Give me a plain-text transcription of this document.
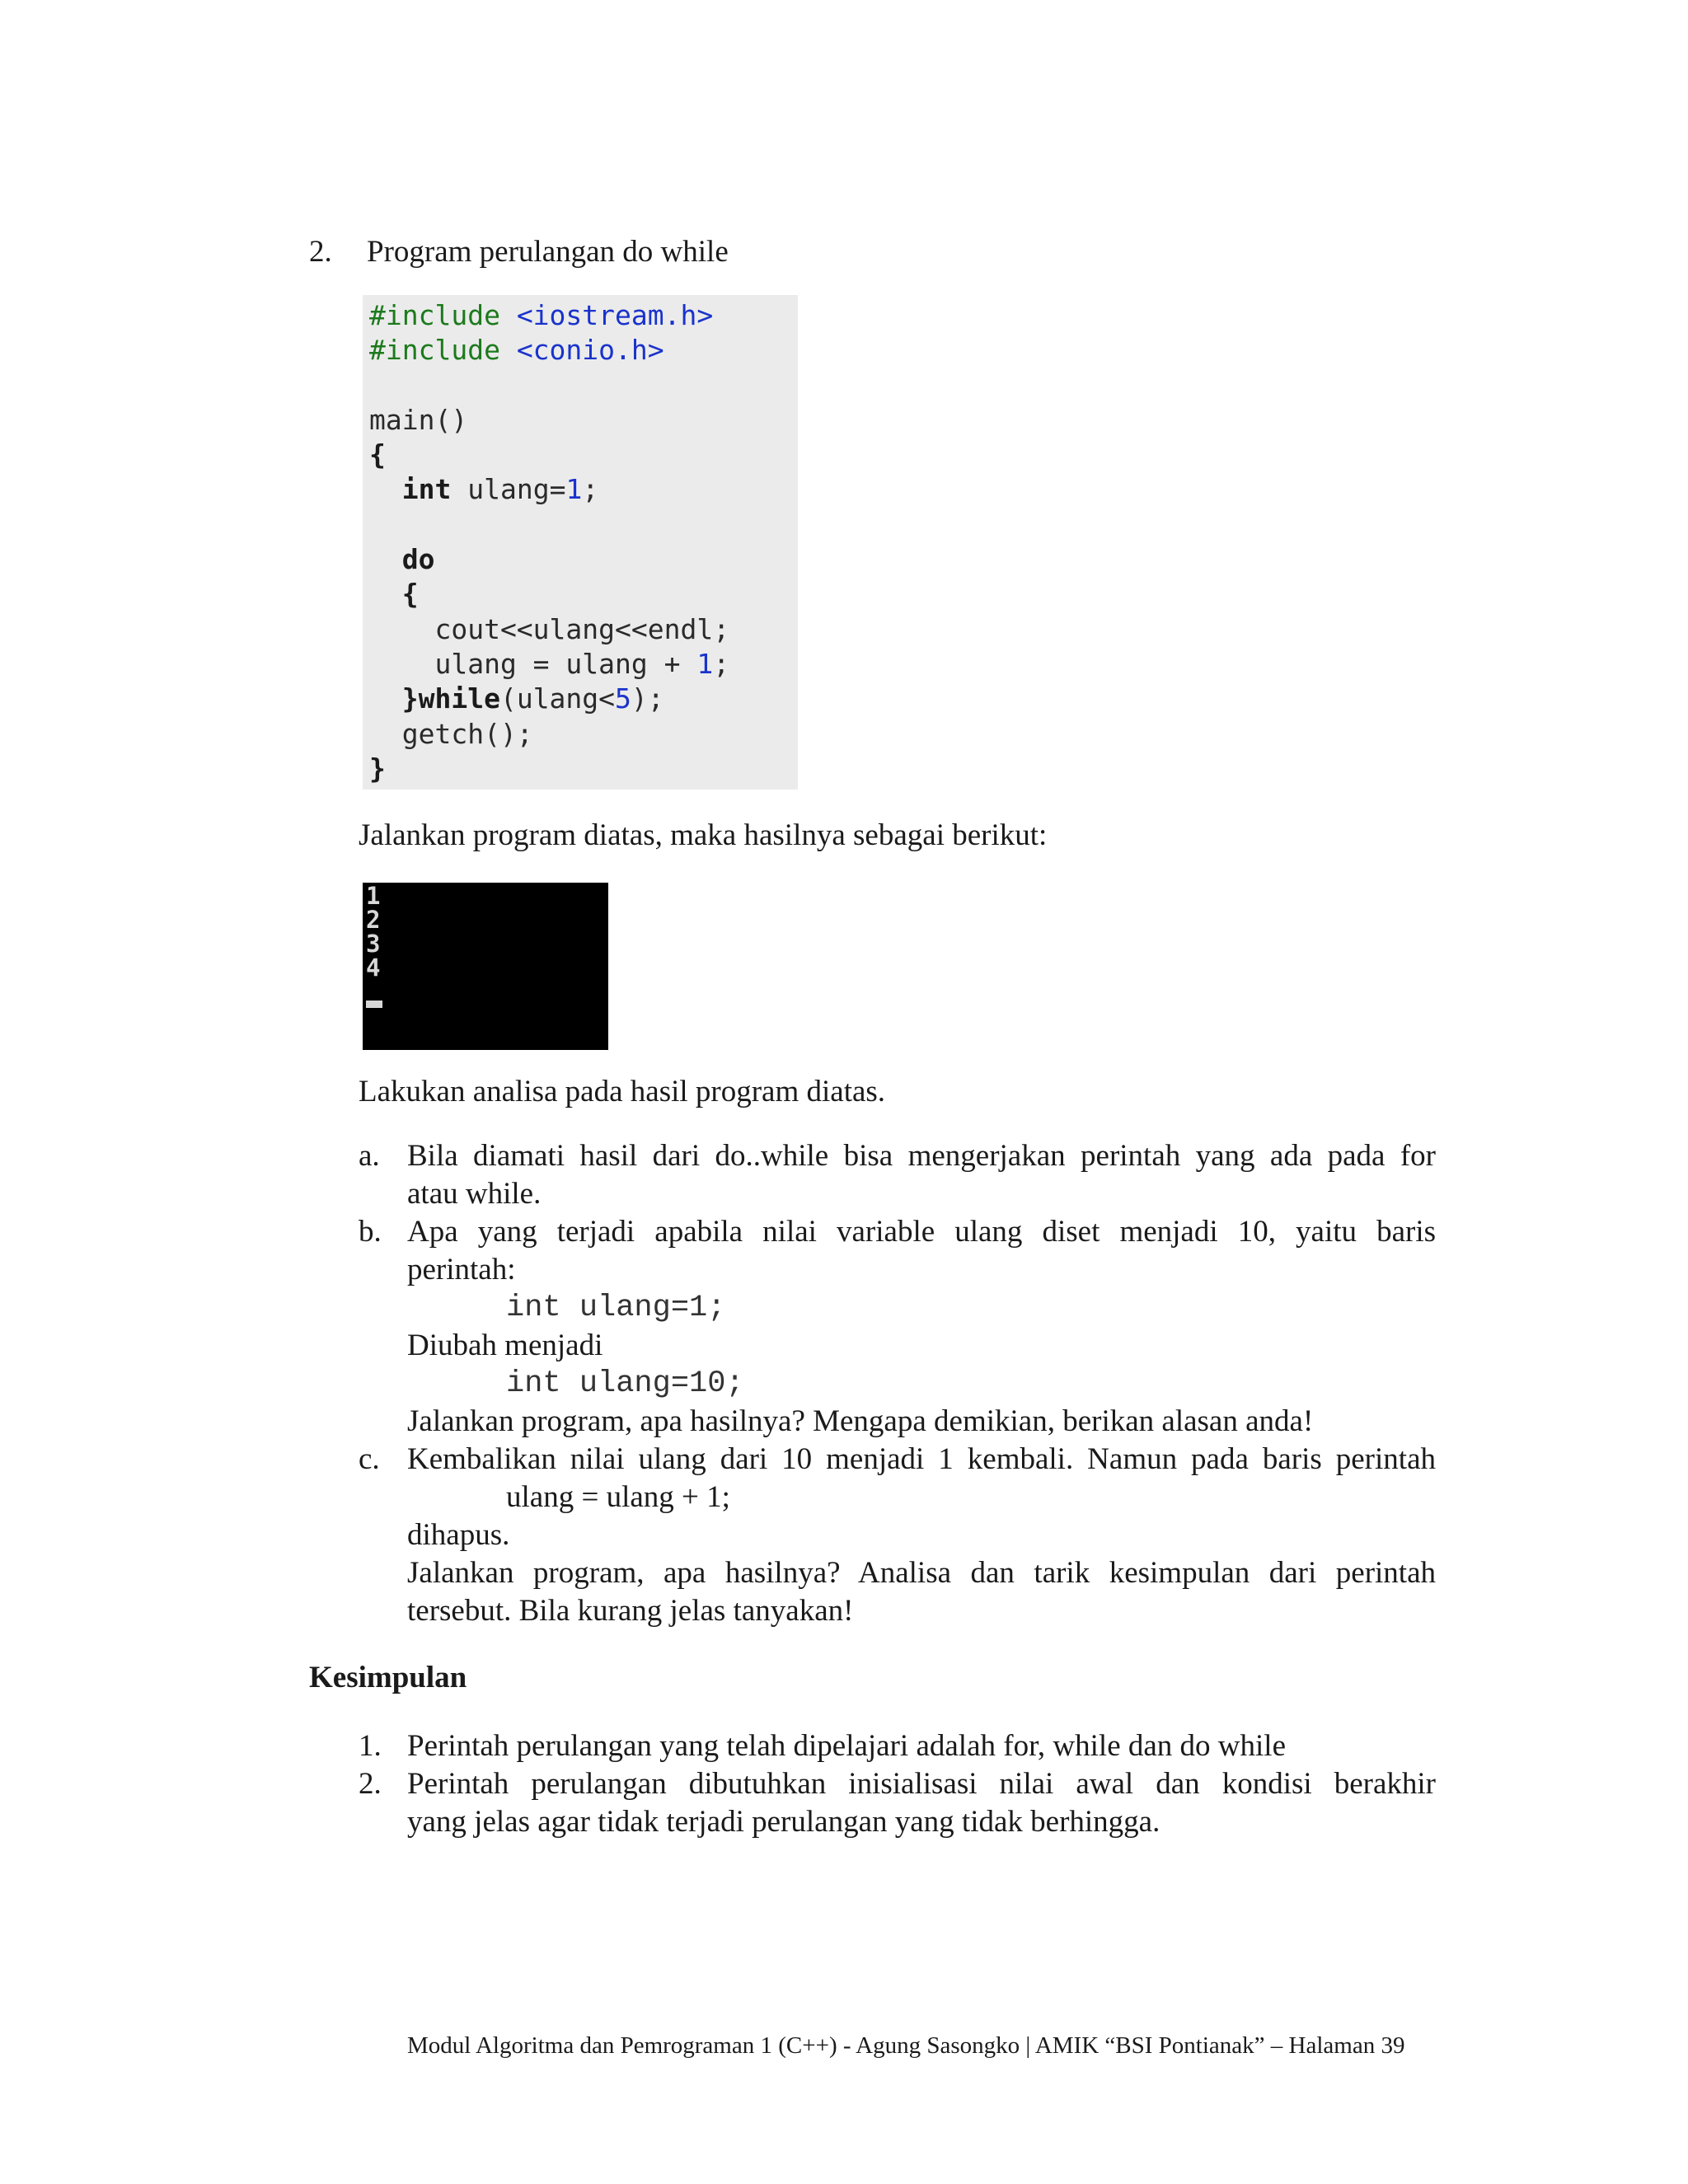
2. Program perulangan do while
#include <iostream.h>
#include <conio.h>
main()
{
int ulang=1;
do
{
cout<<ulang<<endl;
ulang = ulang + 1;
}while(ulang<5);
getch();
}
Jalankan program diatas, maka hasilnya sebagai berikut:
1
2
3
4
Lakukan analisa pada hasil program diatas.
a. Bila diamati hasil dari do..while bisa mengerjakan perintah yang ada pada for
atau while.
b. Apa yang terjadi apabila nilai variable ulang diset menjadi 10, yaitu baris
perintah:
int ulang=1;
Diubah menjadi
int ulang=10;
Jalankan program, apa hasilnya? Mengapa demikian, berikan alasan anda!
c. Kembalikan nilai ulang dari 10 menjadi 1 kembali. Namun pada baris perintah
ulang = ulang + 1;
dihapus.
Jalankan program, apa hasilnya? Analisa dan tarik kesimpulan dari perintah
tersebut. Bila kurang jelas tanyakan!
Kesimpulan
1. Perintah perulangan yang telah dipelajari adalah for, while dan do while
2. Perintah perulangan dibutuhkan inisialisasi nilai awal dan kondisi berakhir
yang jelas agar tidak terjadi perulangan yang tidak berhingga.
Modul Algoritma dan Pemrograman 1 (C++) - Agung Sasongko | AMIK “BSI Pontianak” – Halaman 39
